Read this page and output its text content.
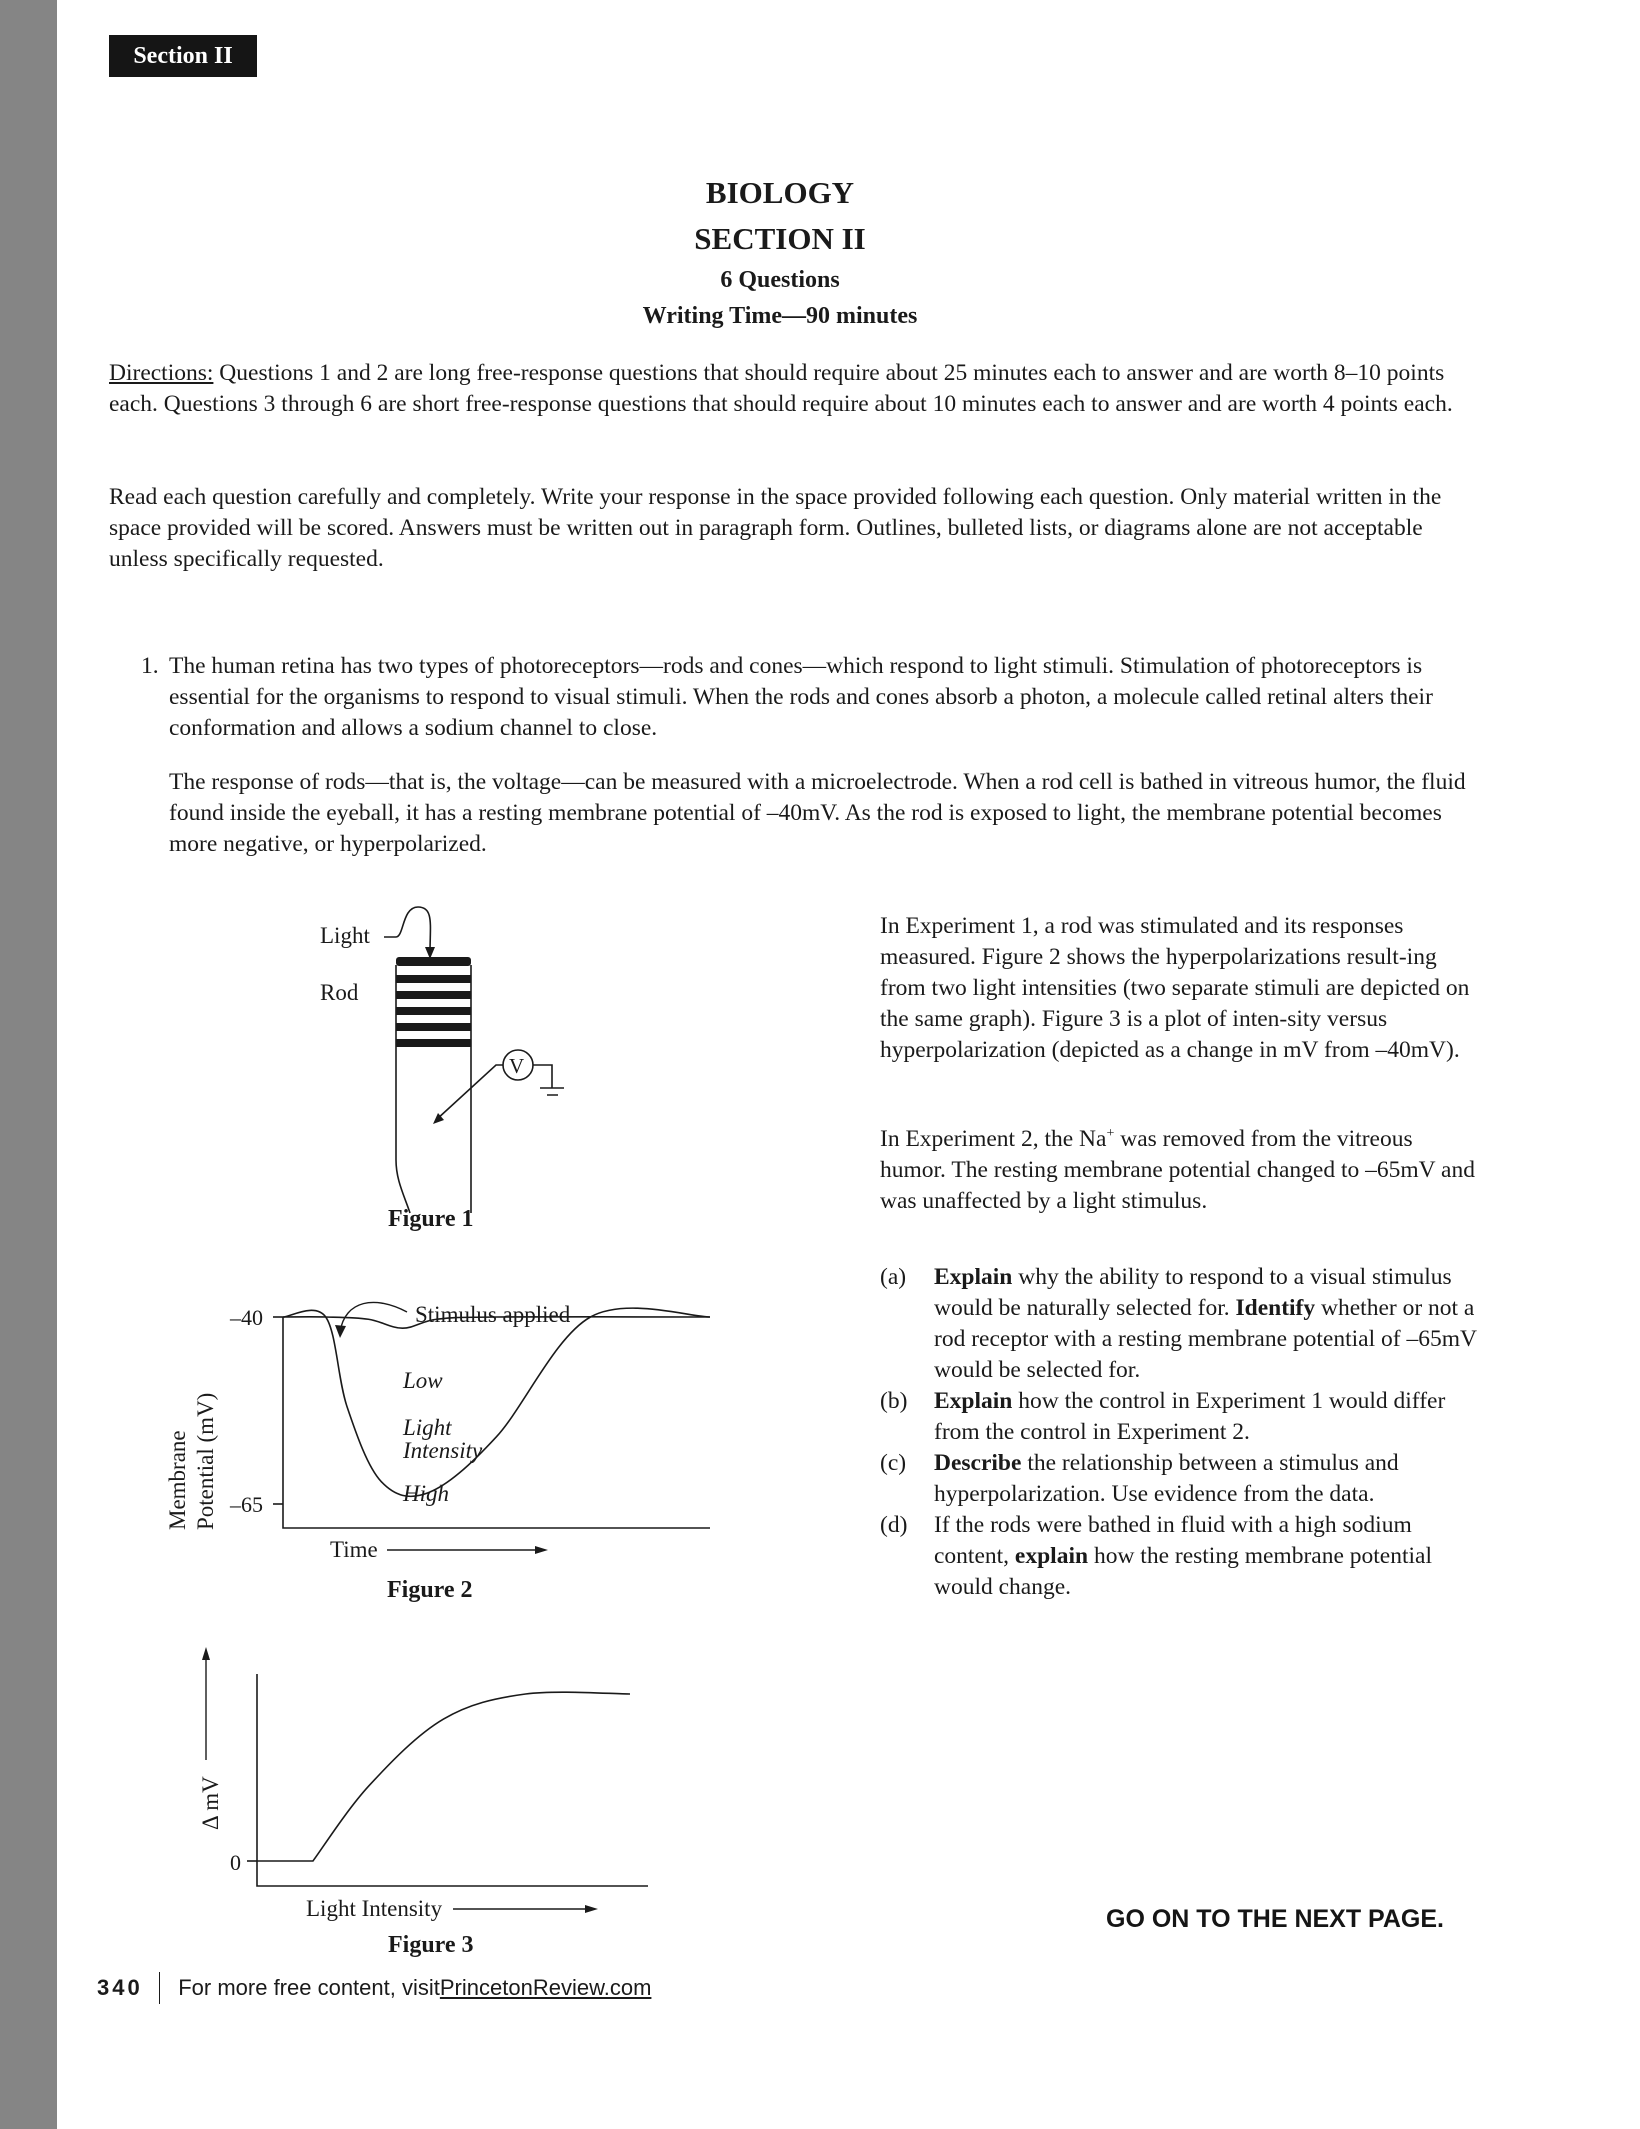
Section II
BIOLOGY
SECTION II
6 Questions
Writing Time—90 minutes
Directions: Questions 1 and 2 are long free-response questions that should require about 25 minutes each to answer and are worth 8–10 points each. Questions 3 through 6 are short free-response questions that should require about 10 minutes each to answer and are worth 4 points each.
Read each question carefully and completely. Write your response in the space provided following each question. Only material written in the space provided will be scored. Answers must be written out in paragraph form. Outlines, bulleted lists, or diagrams alone are not acceptable unless specifically requested.
1. The human retina has two types of photoreceptors—rods and cones—which respond to light stimuli. Stimulation of photoreceptors is essential for the organisms to respond to visual stimuli. When the rods and cones absorb a photon, a molecule called retinal alters their conformation and allows a sodium channel to close.
The response of rods—that is, the voltage—can be measured with a microelectrode. When a rod cell is bathed in vitreous humor, the fluid found inside the eyeball, it has a resting membrane potential of –40mV. As the rod is exposed to light, the membrane potential becomes more negative, or hyperpolarized.
Light
Rod
V
Figure 1
In Experiment 1, a rod was stimulated and its responses measured. Figure 2 shows the hyperpolarizations result-ing from two light intensities (two separate stimuli are depicted on the same graph). Figure 3 is a plot of inten-sity versus hyperpolarization (depicted as a change in mV from –40mV).
In Experiment 2, the Na+ was removed from the vitreous humor. The resting membrane potential changed to –65mV and was unaffected by a light stimulus.
(a) Explain why the ability to respond to a visual stimulus would be naturally selected for. Identify whether or not a rod receptor with a resting membrane potential of –65mV would be selected for.
(b) Explain how the control in Experiment 1 would differ from the control in Experiment 2.
(c) Describe the relationship between a stimulus and hyperpolarization. Use evidence from the data.
(d) If the rods were bathed in fluid with a high sodium content, explain how the resting membrane potential would change.
Membrane Potential (mV)
–40
–65
Stimulus applied
Low
Light
Intensity
High
Time
Figure 2
Δ mV
0
Light Intensity
Figure 3
GO ON TO THE NEXT PAGE.
340 For more free content, visit PrincetonReview.com
